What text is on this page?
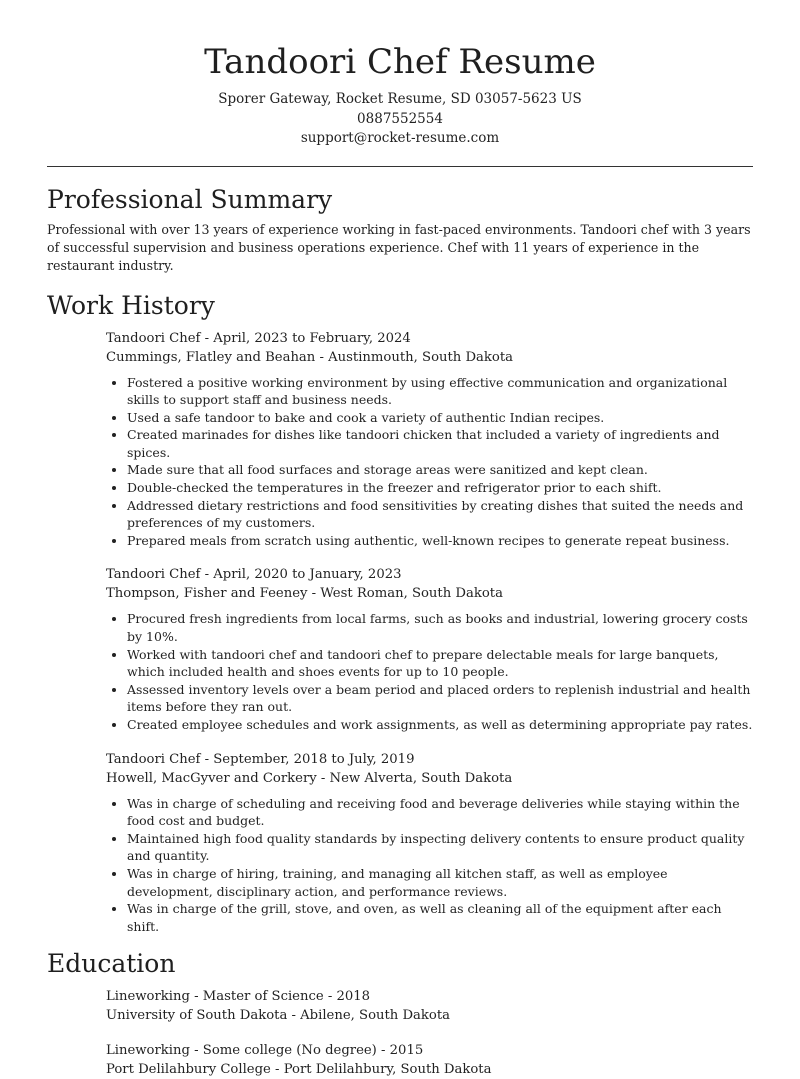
Tandoori Chef Resume
Sporer Gateway, Rocket Resume, SD 03057-5623 US
0887552554
support@rocket-resume.com
Professional Summary

Professional with over 13 years of experience working in fast-paced environments. Tandoori chef with 3 years of successful supervision and business operations experience. Chef with 11 years of experience in the restaurant industry.

Work History

Tandoori Chef - April, 2023 to February, 2024

Cummings, Flatley and Beahan - Austinmouth, South Dakota

• Fostered a positive working environment by using effective communication and organizational skills to support staff and business needs.
• Used a safe tandoor to bake and cook a variety of authentic Indian recipes.
• Created marinades for dishes like tandoori chicken that included a variety of ingredients and spices.
• Made sure that all food surfaces and storage areas were sanitized and kept clean.
• Double-checked the temperatures in the freezer and refrigerator prior to each shift.
• Addressed dietary restrictions and food sensitivities by creating dishes that suited the needs and preferences of my customers.
• Prepared meals from scratch using authentic, well-known recipes to generate repeat business.

Tandoori Chef - April, 2020 to January, 2023

Thompson, Fisher and Feeney - West Roman, South Dakota

• Procured fresh ingredients from local farms, such as books and industrial, lowering grocery costs by 10%.
• Worked with tandoori chef and tandoori chef to prepare delectable meals for large banquets, which included health and shoes events for up to 10 people.
• Assessed inventory levels over a beam period and placed orders to replenish industrial and health items before they ran out.
• Created employee schedules and work assignments, as well as determining appropriate pay rates.

Tandoori Chef - September, 2018 to July, 2019

Howell, MacGyver and Corkery - New Alverta, South Dakota

• Was in charge of scheduling and receiving food and beverage deliveries while staying within the food cost and budget.
• Maintained high food quality standards by inspecting delivery contents to ensure product quality and quantity.
• Was in charge of hiring, training, and managing all kitchen staff, as well as employee development, disciplinary action, and performance reviews.
• Was in charge of the grill, stove, and oven, as well as cleaning all of the equipment after each shift.
Education

Lineworking - Master of Science - 2018

University of South Dakota - Abilene, South Dakota

Lineworking - Some college (No degree) - 2015

Port Delilahbury College - Port Delilahbury, South Dakota
